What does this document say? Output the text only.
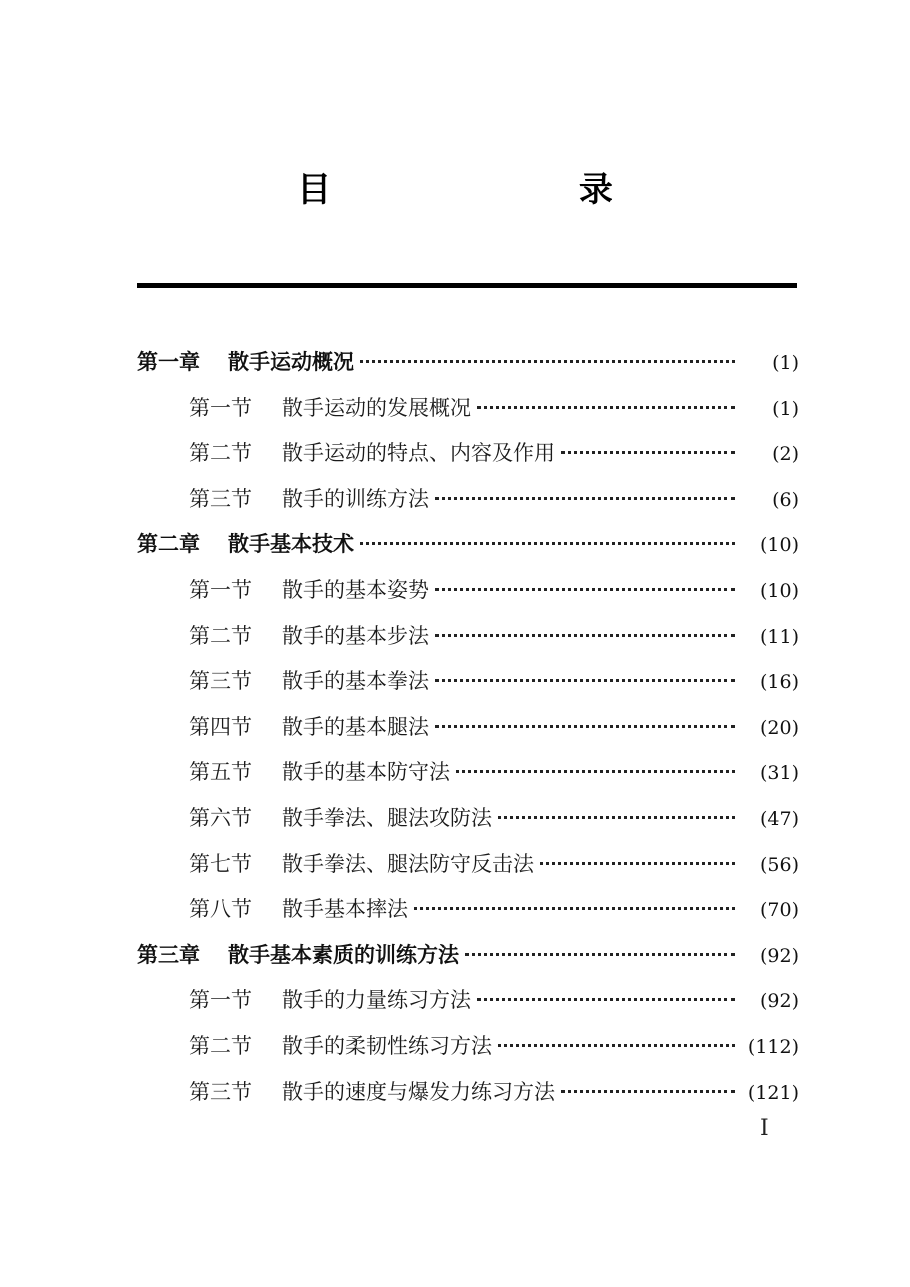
目 录
第一章 散手运动概况	(1)
第一节 散手运动的发展概况	(1)
第二节 散手运动的特点、内容及作用	(2)
第三节 散手的训练方法	(6)
第二章 散手基本技术	(10)
第一节 散手的基本姿势	(10)
第二节 散手的基本步法	(11)
第三节 散手的基本拳法	(16)
第四节 散手的基本腿法	(20)
第五节 散手的基本防守法	(31)
第六节 散手拳法、腿法攻防法	(47)
第七节 散手拳法、腿法防守反击法	(56)
第八节 散手基本摔法	(70)
第三章 散手基本素质的训练方法	(92)
第一节 散手的力量练习方法	(92)
第二节 散手的柔韧性练习方法	(112)
第三节 散手的速度与爆发力练习方法	(121)
I
